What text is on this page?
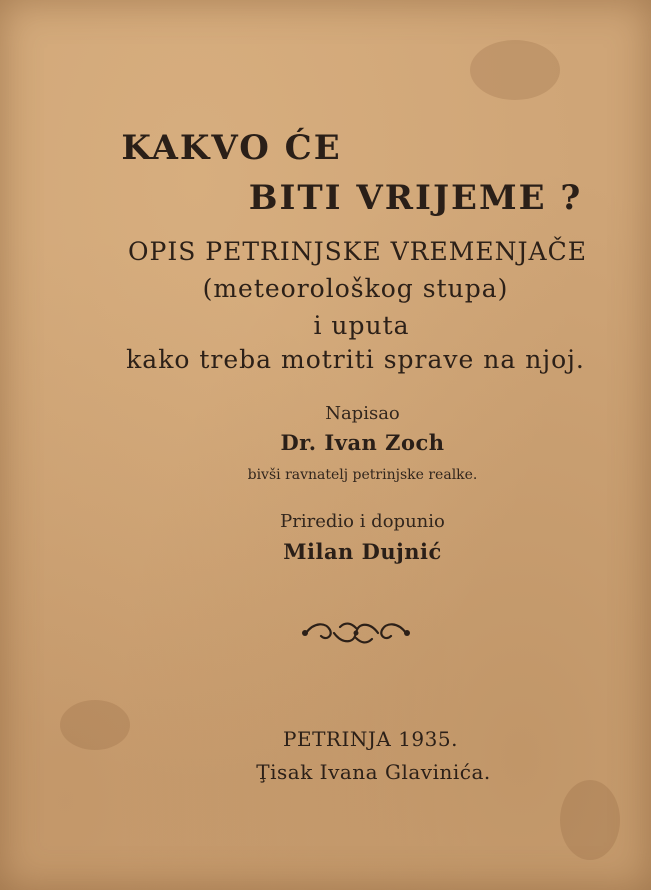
KAKVO ĆE

BITI VRIJEME ?

OPIS PETRINJSKE VREMENJAČE

(meteorološkog stupa)

i uputa

kako treba motriti sprave na njoj.

Napisao

Dr. Ivan Zoch

bivši ravnatelj petrinjske realke.

Priredio i dopunio

Milan Dujnić

PETRINJA 1935.

Ţisak Ivana Glavinića.
